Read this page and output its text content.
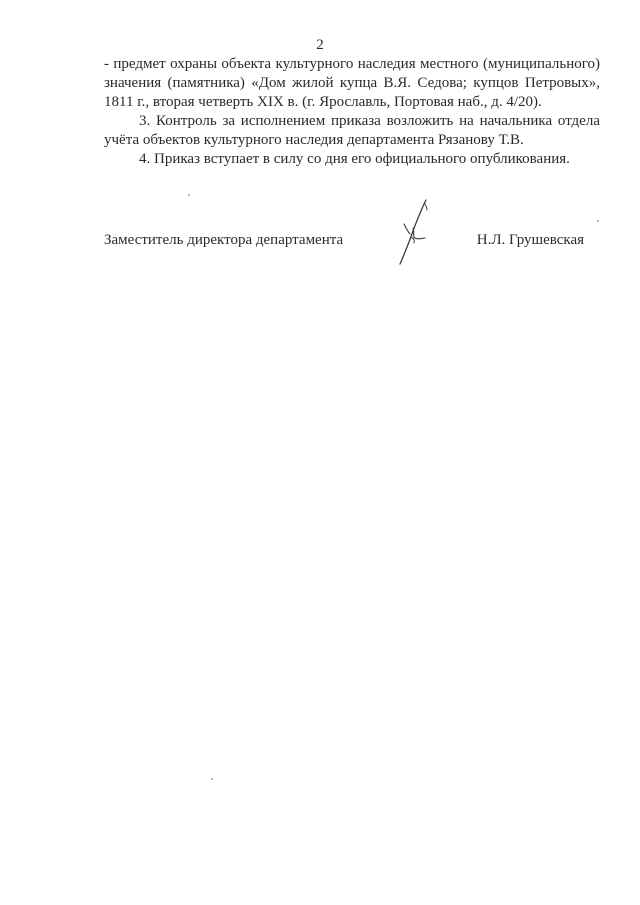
2

- предмет охраны объекта культурного наследия местного (муниципального) значения (памятника) «Дом жилой купца В.Я. Седова; купцов Петровых», 1811 г., вторая четверть XIX в. (г. Ярославль, Портовая наб., д. 4/20).

3. Контроль за исполнением приказа возложить на начальника отдела учёта объектов культурного наследия департамента Рязанову Т.В.

4. Приказ вступает в силу со дня его официального опубликования.

Заместитель директора департамента	Н.Л. Грушевская
